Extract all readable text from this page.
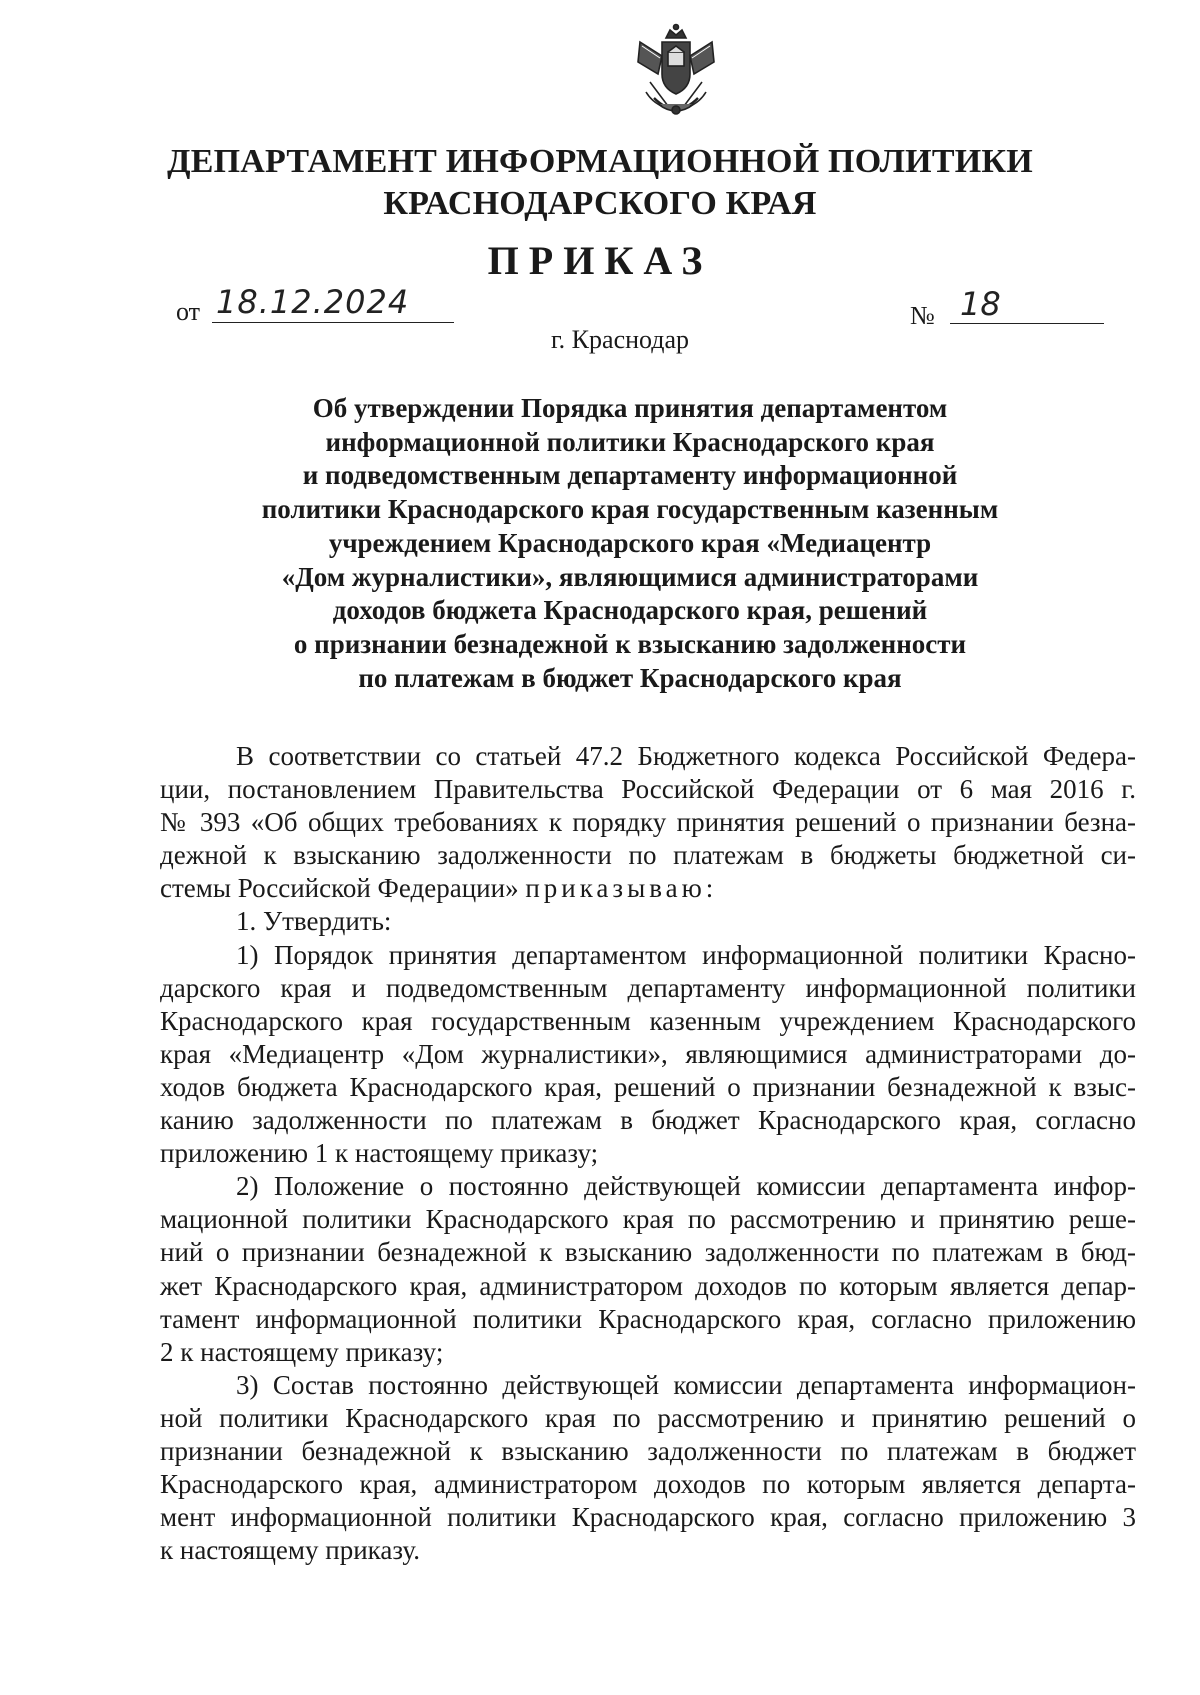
ДЕПАРТАМЕНТ ИНФОРМАЦИОННОЙ ПОЛИТИКИ
КРАСНОДАРСКОГО КРАЯ
ПРИКАЗ
от 18.12.2024	№ 18
г. Краснодар
Об утверждении Порядка принятия департаментом
информационной политики Краснодарского края
и подведомственным департаменту информационной
политики Краснодарского края государственным казенным
учреждением Краснодарского края «Медиацентр
«Дом журналистики», являющимися администраторами
доходов бюджета Краснодарского края, решений
о признании безнадежной к взысканию задолженности
по платежам в бюджет Краснодарского края
В соответствии со статьей 47.2 Бюджетного кодекса Российской Федера-
ции, постановлением Правительства Российской Федерации от 6 мая 2016 г.
№ 393 «Об общих требованиях к порядку принятия решений о признании безна-
дежной к взысканию задолженности по платежам в бюджеты бюджетной си-
стемы Российской Федерации» приказываю:
1. Утвердить:
1) Порядок принятия департаментом информационной политики Красно-
дарского края и подведомственным департаменту информационной политики
Краснодарского края государственным казенным учреждением Краснодарского
края «Медиацентр «Дом журналистики», являющимися администраторами до-
ходов бюджета Краснодарского края, решений о признании безнадежной к взыс-
канию задолженности по платежам в бюджет Краснодарского края, согласно
приложению 1 к настоящему приказу;
2) Положение о постоянно действующей комиссии департамента инфор-
мационной политики Краснодарского края по рассмотрению и принятию реше-
ний о признании безнадежной к взысканию задолженности по платежам в бюд-
жет Краснодарского края, администратором доходов по которым является депар-
тамент информационной политики Краснодарского края, согласно приложению
2 к настоящему приказу;
3) Состав постоянно действующей комиссии департамента информацион-
ной политики Краснодарского края по рассмотрению и принятию решений о
признании безнадежной к взысканию задолженности по платежам в бюджет
Краснодарского края, администратором доходов по которым является департа-
мент информационной политики Краснодарского края, согласно приложению 3
к настоящему приказу.
